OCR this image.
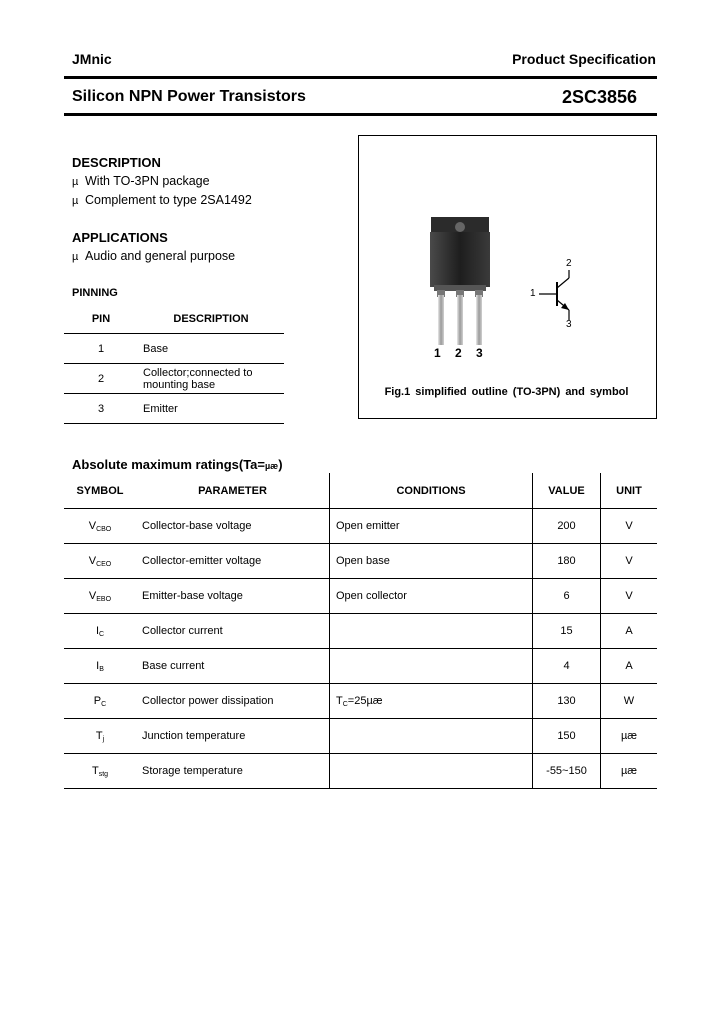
JMnic	Product Specification
Silicon NPN Power Transistors	2SC3856
DESCRIPTION
µ With TO-3PN package
µ Complement to type 2SA1492
APPLICATIONS
µ Audio and general purpose
PINNING
PIN	DESCRIPTION
1	Base
2	Collector;connected to mounting base
3	Emitter
1 2 3
2
1
3
Fig.1 simplified outline (TO-3PN) and symbol
Absolute maximum ratings(Ta=µæ)
SYMBOL	PARAMETER	CONDITIONS	VALUE	UNIT
$V_{CBO}$	Collector-base voltage	Open emitter	200	V
$V_{CEO}$	Collector-emitter voltage	Open base	180	V
$V_{EBO}$	Emitter-base voltage	Open collector	6	V
$I_C$	Collector current		15	A
$I_B$	Base current		4	A
$P_C$	Collector power dissipation	$T_C=25\mu æ$	130	W
$T_j$	Junction temperature		150	µæ
$T_{stg}$	Storage temperature		-55~150	µæ
